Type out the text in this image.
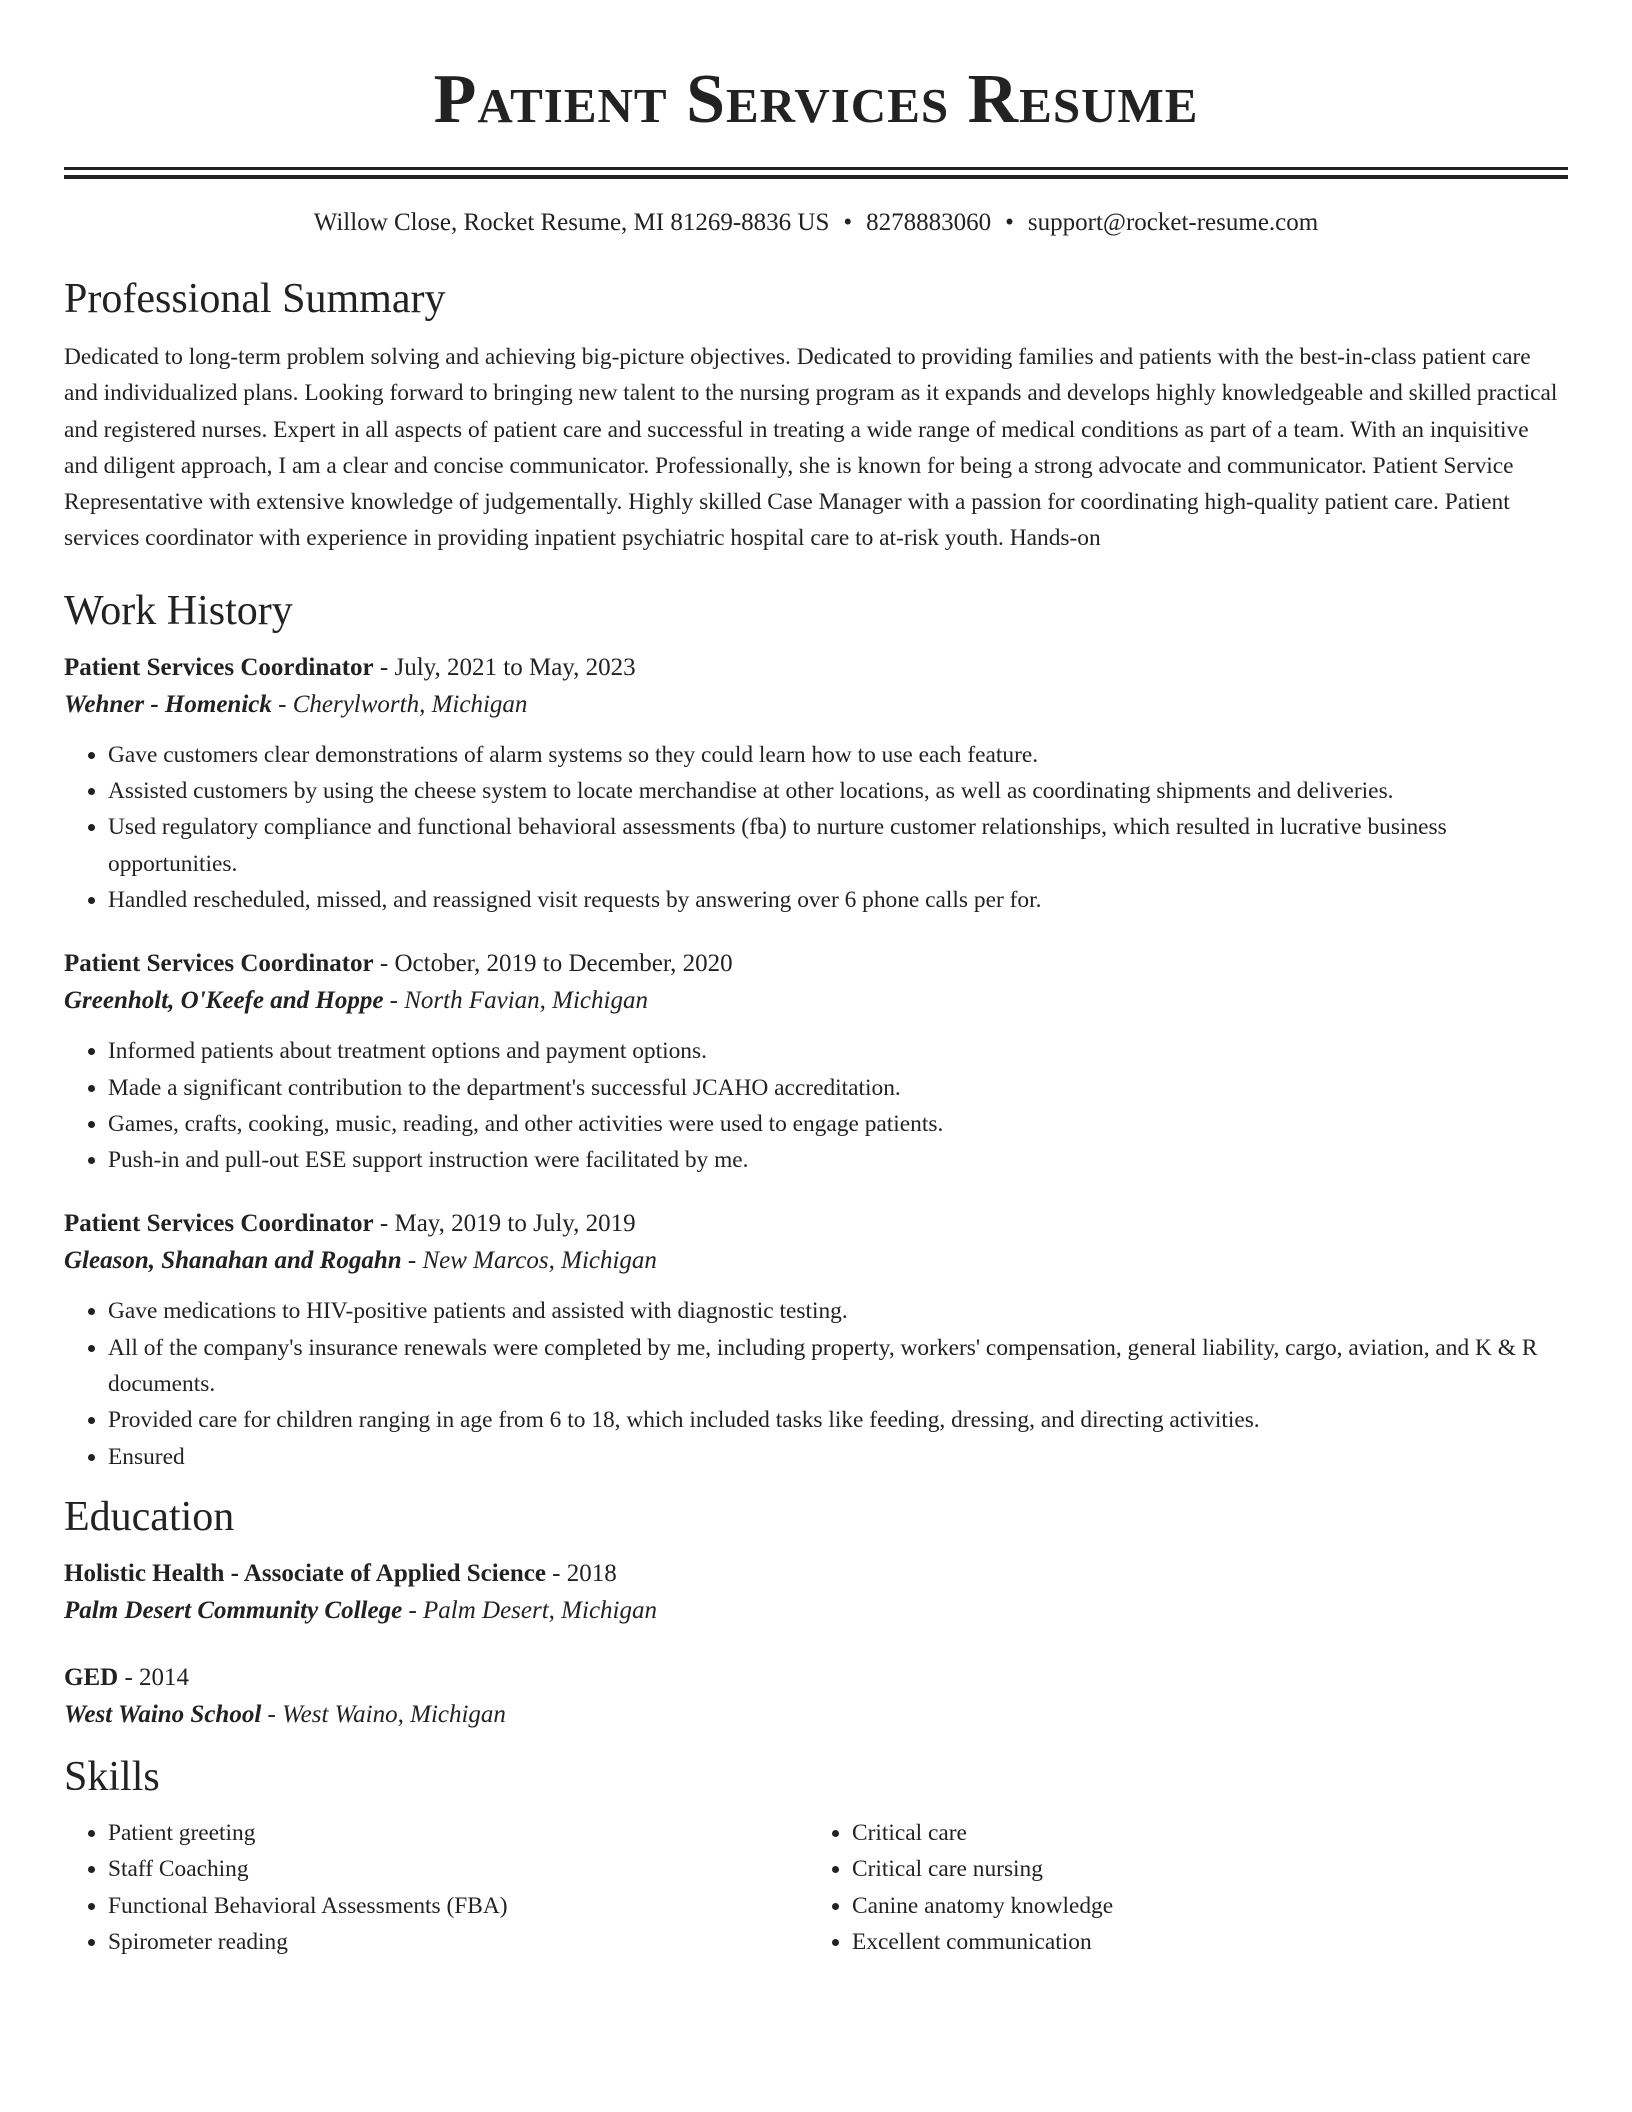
Patient Services Resume
Willow Close, Rocket Resume, MI 81269-8836 US • 8278883060 • support@rocket-resume.com
Professional Summary

Dedicated to long-term problem solving and achieving big-picture objectives. Dedicated to providing families and patients with the best-in-class patient care and individualized plans. Looking forward to bringing new talent to the nursing program as it expands and develops highly knowledgeable and skilled practical and registered nurses. Expert in all aspects of patient care and successful in treating a wide range of medical conditions as part of a team. With an inquisitive and diligent approach, I am a clear and concise communicator. Professionally, she is known for being a strong advocate and communicator. Patient Service Representative with extensive knowledge of judgementally. Highly skilled Case Manager with a passion for coordinating high-quality patient care. Patient services coordinator with experience in providing inpatient psychiatric hospital care to at-risk youth. Hands-on

Work History
Patient Services Coordinator - July, 2021 to May, 2023
Wehner - Homenick - Cherylworth, Michigan
• Gave customers clear demonstrations of alarm systems so they could learn how to use each feature.
• Assisted customers by using the cheese system to locate merchandise at other locations, as well as coordinating shipments and deliveries.
• Used regulatory compliance and functional behavioral assessments (fba) to nurture customer relationships, which resulted in lucrative business opportunities.
• Handled rescheduled, missed, and reassigned visit requests by answering over 6 phone calls per for.
Patient Services Coordinator - October, 2019 to December, 2020
Greenholt, O'Keefe and Hoppe - North Favian, Michigan
• Informed patients about treatment options and payment options.
• Made a significant contribution to the department's successful JCAHO accreditation.
• Games, crafts, cooking, music, reading, and other activities were used to engage patients.
• Push-in and pull-out ESE support instruction were facilitated by me.
Patient Services Coordinator - May, 2019 to July, 2019
Gleason, Shanahan and Rogahn - New Marcos, Michigan
• Gave medications to HIV-positive patients and assisted with diagnostic testing.
• All of the company's insurance renewals were completed by me, including property, workers' compensation, general liability, cargo, aviation, and K & R documents.
• Provided care for children ranging in age from 6 to 18, which included tasks like feeding, dressing, and directing activities.
• Ensured
Education
Holistic Health - Associate of Applied Science - 2018
Palm Desert Community College - Palm Desert, Michigan
GED - 2014
West Waino School - West Waino, Michigan
Skills
• Patient greeting
• Staff Coaching
• Functional Behavioral Assessments (FBA)
• Spirometer reading
• Critical care
• Critical care nursing
• Canine anatomy knowledge
• Excellent communication
